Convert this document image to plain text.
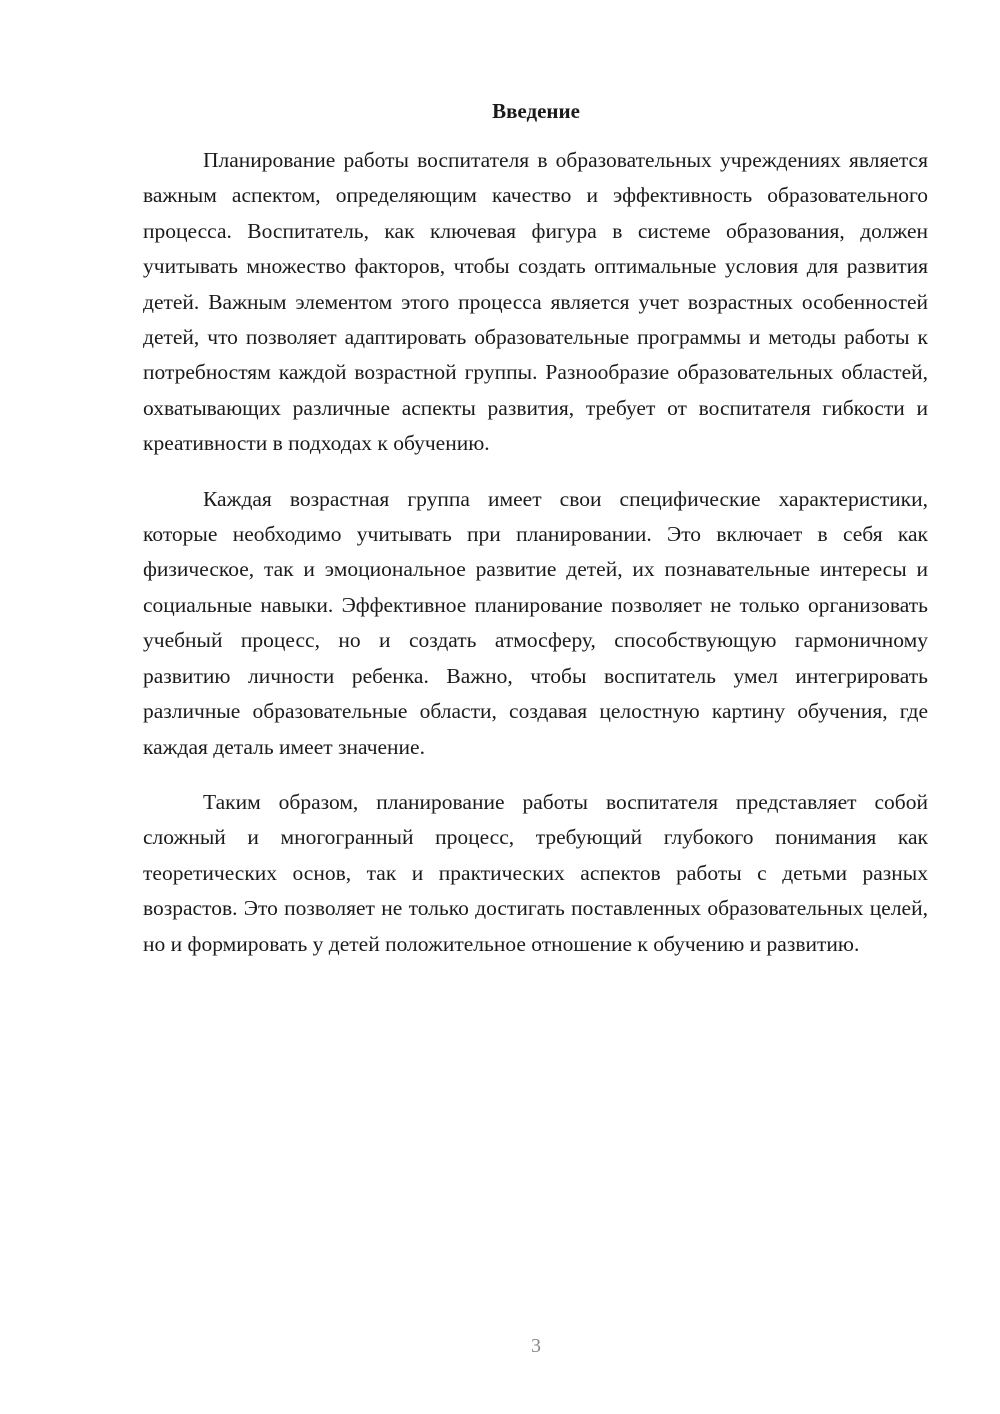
Введение

Планирование работы воспитателя в образовательных учреждениях является важным аспектом, определяющим качество и эффективность образовательного процесса. Воспитатель, как ключевая фигура в системе образования, должен учитывать множество факторов, чтобы создать оптимальные условия для развития детей. Важным элементом этого процесса является учет возрастных особенностей детей, что позволяет адаптировать образовательные программы и методы работы к потребностям каждой возрастной группы. Разнообразие образовательных областей, охватывающих различные аспекты развития, требует от воспитателя гибкости и креативности в подходах к обучению.

Каждая возрастная группа имеет свои специфические характеристики, которые необходимо учитывать при планировании. Это включает в себя как физическое, так и эмоциональное развитие детей, их познавательные интересы и социальные навыки. Эффективное планирование позволяет не только организовать учебный процесс, но и создать атмосферу, способствующую гармоничному развитию личности ребенка. Важно, чтобы воспитатель умел интегрировать различные образовательные области, создавая целостную картину обучения, где каждая деталь имеет значение.

Таким образом, планирование работы воспитателя представляет собой сложный и многогранный процесс, требующий глубокого понимания как теоретических основ, так и практических аспектов работы с детьми разных возрастов. Это позволяет не только достигать поставленных образовательных целей, но и формировать у детей положительное отношение к обучению и развитию.

3
